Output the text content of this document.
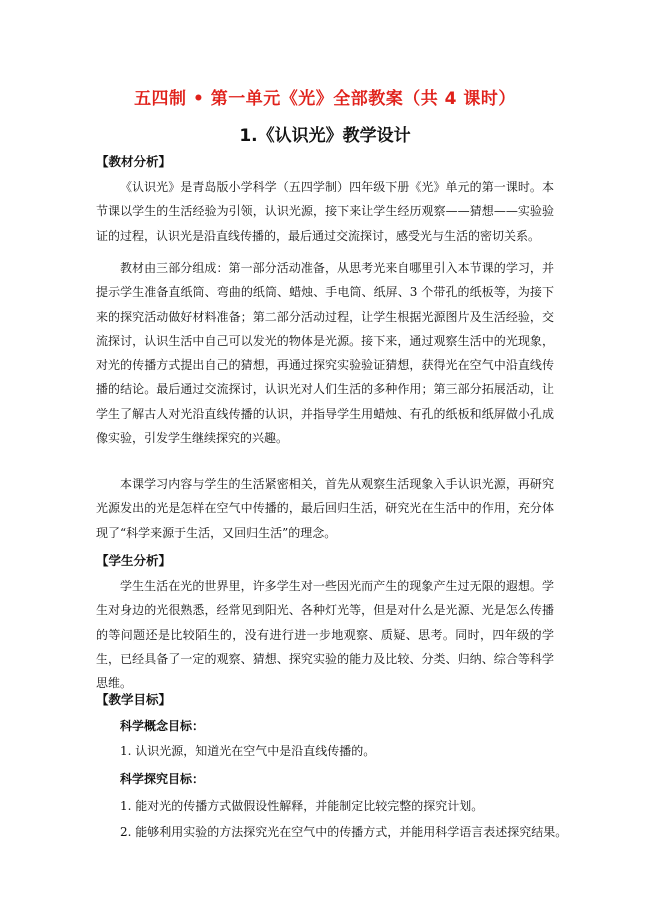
五四制 • 第一单元《光》全部教案（共 4 课时）
1.《认识光》教学设计
【教材分析】
《认识光》是青岛版小学科学（五四学制）四年级下册《光》单元的第一课时。本节课以学生的生活经验为引领，认识光源，接下来让学生经历观察——猜想——实验验证的过程，认识光是沿直线传播的，最后通过交流探讨，感受光与生活的密切关系。
教材由三部分组成：第一部分活动准备，从思考光来自哪里引入本节课的学习，并提示学生准备直纸筒、弯曲的纸筒、蜡烛、手电筒、纸屏、3 个带孔的纸板等，为接下来的探究活动做好材料准备；第二部分活动过程，让学生根据光源图片及生活经验，交流探讨，认识生活中自己可以发光的物体是光源。接下来，通过观察生活中的光现象，对光的传播方式提出自己的猜想，再通过探究实验验证猜想，获得光在空气中沿直线传播的结论。最后通过交流探讨，认识光对人们生活的多种作用；第三部分拓展活动，让学生了解古人对光沿直线传播的认识，并指导学生用蜡烛、有孔的纸板和纸屏做小孔成像实验，引发学生继续探究的兴趣。
本课学习内容与学生的生活紧密相关，首先从观察生活现象入手认识光源，再研究光源发出的光是怎样在空气中传播的，最后回归生活，研究光在生活中的作用，充分体现了“科学来源于生活，又回归生活”的理念。
【学生分析】
学生生活在光的世界里，许多学生对一些因光而产生的现象产生过无限的遐想。学生对身边的光很熟悉，经常见到阳光、各种灯光等，但是对什么是光源、光是怎么传播的等问题还是比较陌生的，没有进行进一步地观察、质疑、思考。同时，四年级的学生，已经具备了一定的观察、猜想、探究实验的能力及比较、分类、归纳、综合等科学思维。
【教学目标】
科学概念目标：
1. 认识光源，知道光在空气中是沿直线传播的。
科学探究目标：
1. 能对光的传播方式做假设性解释，并能制定比较完整的探究计划。
2. 能够利用实验的方法探究光在空气中的传播方式，并能用科学语言表述探究结果。
